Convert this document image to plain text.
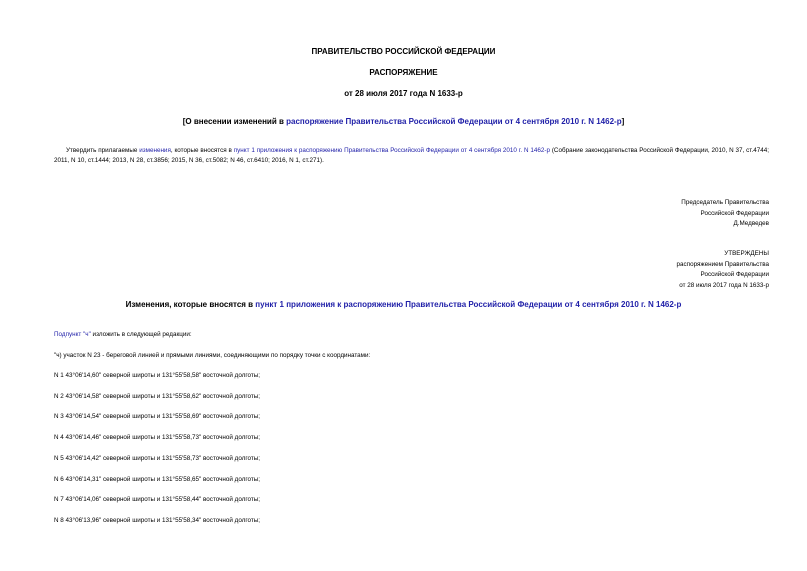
ПРАВИТЕЛЬСТВО РОССИЙСКОЙ ФЕДЕРАЦИИ
РАСПОРЯЖЕНИЕ
от 28 июля 2017 года N 1633-р
[О внесении изменений в распоряжение Правительства Российской Федерации от 4 сентября 2010 г. N 1462-р]
Утвердить прилагаемые изменения, которые вносятся в пункт 1 приложения к распоряжению Правительства Российской Федерации от 4 сентября 2010 г. N 1462-р (Собрание законодательства Российской Федерации, 2010, N 37, ст.4744; 2011, N 10, ст.1444; 2013, N 28, ст.3856; 2015, N 36, ст.5082; N 46, ст.6410; 2016, N 1, ст.271).
Председатель Правительства
Российской Федерации
Д.Медведев
УТВЕРЖДЕНЫ
распоряжением Правительства
Российской Федерации
от 28 июля 2017 года N 1633-р
Изменения, которые вносятся в пункт 1 приложения к распоряжению Правительства Российской Федерации от 4 сентября 2010 г. N 1462-р
Подпункт "ч" изложить в следующей редакции:
"ч) участок N 23 - береговой линией и прямыми линиями, соединяющими по порядку точки с координатами:
N 1 43°06'14,60" северной широты и 131°55'58,58" восточной долготы;
N 2 43°06'14,58" северной широты и 131°55'58,62" восточной долготы;
N 3 43°06'14,54" северной широты и 131°55'58,69" восточной долготы;
N 4 43°06'14,46" северной широты и 131°55'58,73" восточной долготы;
N 5 43°06'14,42" северной широты и 131°55'58,73" восточной долготы;
N 6 43°06'14,31" северной широты и 131°55'58,65" восточной долготы;
N 7 43°06'14,06" северной широты и 131°55'58,44" восточной долготы;
N 8 43°06'13,96" северной широты и 131°55'58,34" восточной долготы;
